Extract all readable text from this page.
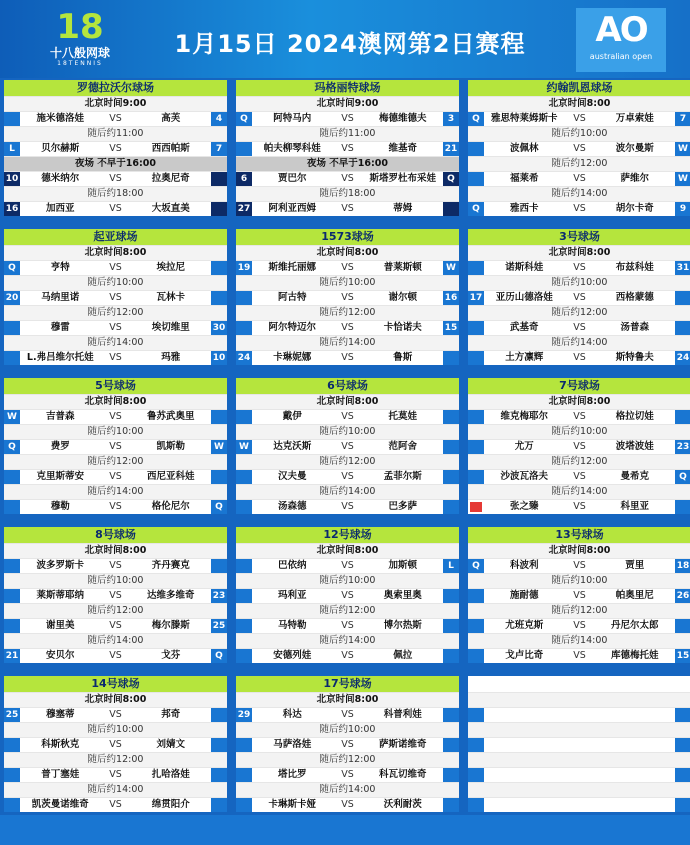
18
十八般网球
18TENNIS
1月15日 2024澳网第2日赛程	AO
australian open
罗德拉沃尔球场
北京时间9:00
施米德洛娃	VS	高芙	4
随后约11:00
L	贝尔赫斯	VS	西西帕斯	7
夜场 不早于16:00
10	德米纳尔	VS	拉奥尼奇
随后约18:00
16	加西亚	VS	大坂直美
玛格丽特球场
北京时间9:00
Q	阿特马内	VS	梅德维德夫	3
随后约11:00
帕夫柳琴科娃	VS	维基奇	21
夜场 不早于16:00
6	贾巴尔	VS	斯塔罗杜布采娃	Q
随后约18:00
27	阿利亚西姆	VS	蒂姆
约翰凯恩球场
北京时间8:00
Q	雅思特莱姆斯卡	VS	万卓索娃	7
随后约10:00
波佩林	VS	波尔曼斯	W
随后约12:00
福莱希	VS	萨维尔	W
随后约14:00
Q	雅西卡	VS	胡尔卡奇	9
起亚球场
北京时间8:00
Q	亨特	VS	埃拉尼
随后约10:00
20	马纳里诺	VS	瓦林卡
随后约12:00
穆雷	VS	埃切维里	30
随后约14:00
L.弗吕维尔托娃	VS	玛雅	10
1573球场
北京时间8:00
19	斯维托丽娜	VS	普莱斯顿	W
随后约10:00
阿古特	VS	谢尔顿	16
随后约12:00
阿尔特迈尔	VS	卡恰诺夫	15
随后约14:00
24	卡琳妮娜	VS	鲁斯
3号球场
北京时间8:00
诺斯科娃	VS	布兹科娃	31
随后约10:00
17	亚历山德洛娃	VS	西格蒙德
随后约12:00
武基奇	VS	汤普森
随后约14:00
土方凛辉	VS	斯特鲁夫	24
5号球场
北京时间8:00
W	吉普森	VS	鲁苏武奥里
随后约10:00
Q	费罗	VS	凯斯勒	W
随后约12:00
克里斯蒂安	VS	西尼亚科娃
随后约14:00
穆勒	VS	格伦尼尔	Q
6号球场
北京时间8:00
戴伊	VS	托莫娃
随后约10:00
W	达克沃斯	VS	范阿舍
随后约12:00
汉夫曼	VS	孟菲尔斯
随后约14:00
汤森德	VS	巴多萨
7号球场
北京时间8:00
维克梅耶尔	VS	格拉切娃
随后约10:00
尤万	VS	波塔波娃	23
随后约12:00
沙波瓦洛夫	VS	曼希克	Q
随后约14:00
张之臻	VS	科里亚
8号球场
北京时间8:00
波多罗斯卡	VS	齐丹赛克
随后约10:00
莱斯蒂耶纳	VS	达维多维奇	23
随后约12:00
谢里美	VS	梅尔滕斯	25
随后约14:00
21	安贝尔	VS	戈芬	Q
12号球场
北京时间8:00
巴依纳	VS	加斯顿	L
随后约10:00
玛利亚	VS	奥索里奥
随后约12:00
马特勒	VS	博尔热斯
随后约14:00
安德列娃	VS	佩拉
13号球场
北京时间8:00
Q	科波利	VS	贾里	18
随后约10:00
施耐德	VS	帕奥里尼	26
随后约12:00
尤班克斯	VS	丹尼尔太郎
随后约14:00
戈卢比奇	VS	库德梅托娃	15
14号球场
北京时间8:00
25	穆塞蒂	VS	邦奇
随后约10:00
科斯秋克	VS	刘婧文
随后约12:00
普丁塞娃	VS	扎哈洛娃
随后约14:00
凯茨曼诺维奇	VS	绵贯阳介
17号球场
北京时间8:00
29	科达	VS	科普利娃
随后约10:00
马萨洛娃	VS	萨斯诺维奇
随后约12:00
塔比罗	VS	科瓦切维奇
随后约14:00
卡琳斯卡娅	VS	沃利耐茨
